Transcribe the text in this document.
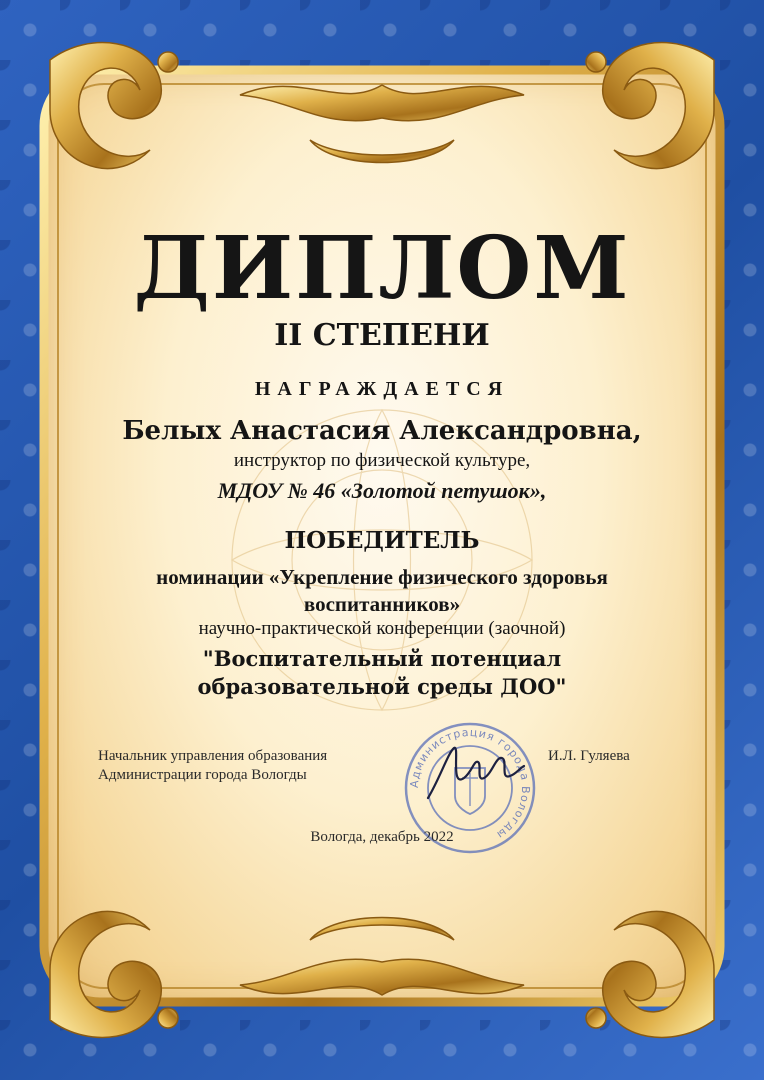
ДИПЛОМ
II СТЕПЕНИ
НАГРАЖДАЕТСЯ
Белых Анастасия Александровна,
инструктор по физической культуре,
МДОУ № 46 «Золотой петушок»,
ПОБЕДИТЕЛЬ
номинации «Укрепление физического здоровья
воспитанников»
научно-практической конференции (заочной)
"Воспитательный потенциал
образовательной среды ДОО"
Начальник управления образования
Администрации города Вологды
И.Л. Гуляева
Администрация города Вологды
Вологда, декабрь 2022
